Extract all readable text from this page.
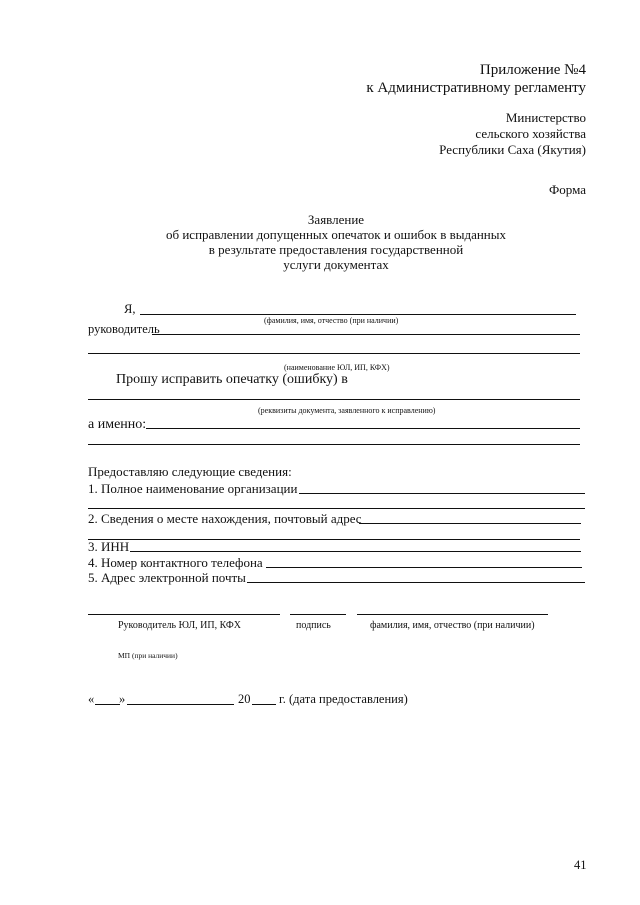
Приложение №4
к Административному регламенту
Министерство
сельского хозяйства
Республики Саха (Якутия)
Форма
Заявление
об исправлении допущенных опечаток и ошибок в выданных
в результате предоставления государственной
услуги документах
Я,
(фамилия, имя, отчество (при наличии)
руководитель
(наименование ЮЛ, ИП, КФХ)
Прошу исправить опечатку (ошибку) в
(реквизиты документа, заявленного к исправлению)
а именно:
Предоставляю следующие сведения:
1. Полное наименование организации
2. Сведения о месте нахождения, почтовый адрес
3. ИНН
4. Номер контактного телефона
5. Адрес электронной почты
Руководитель ЮЛ, ИП, КФХ	подпись	фамилия, имя, отчество (при наличии)
МП (при наличии)
« »	20 г. (дата предоставления)
41
